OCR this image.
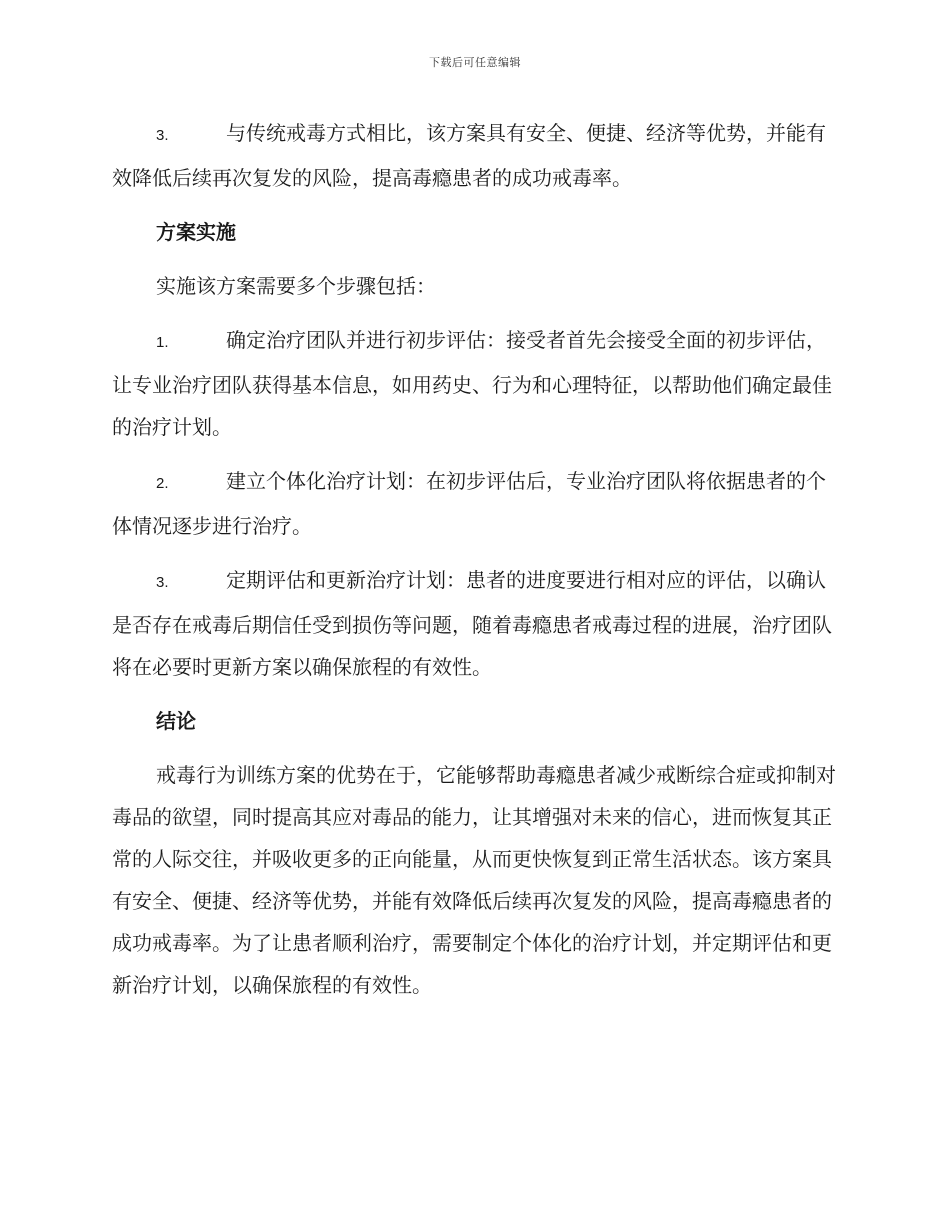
下载后可任意编辑

3.	与传统戒毒方式相比，该方案具有安全、便捷、经济等优势，并能有效降低后续再次复发的风险，提高毒瘾患者的成功戒毒率。

方案实施
实施该方案需要多个步骤包括：

1.	确定治疗团队并进行初步评估：接受者首先会接受全面的初步评估，让专业治疗团队获得基本信息，如用药史、行为和心理特征，以帮助他们确定最佳的治疗计划。

2.	建立个体化治疗计划：在初步评估后，专业治疗团队将依据患者的个体情况逐步进行治疗。

3.	定期评估和更新治疗计划：患者的进度要进行相对应的评估，以确认是否存在戒毒后期信任受到损伤等问题，随着毒瘾患者戒毒过程的进展，治疗团队将在必要时更新方案以确保旅程的有效性。

结论

戒毒行为训练方案的优势在于，它能够帮助毒瘾患者减少戒断综合症或抑制对毒品的欲望，同时提高其应对毒品的能力，让其增强对未来的信心，进而恢复其正常的人际交往，并吸收更多的正向能量，从而更快恢复到正常生活状态。该方案具有安全、便捷、经济等优势，并能有效降低后续再次复发的风险，提高毒瘾患者的成功戒毒率。为了让患者顺利治疗，需要制定个体化的治疗计划，并定期评估和更新治疗计划，以确保旅程的有效性。
